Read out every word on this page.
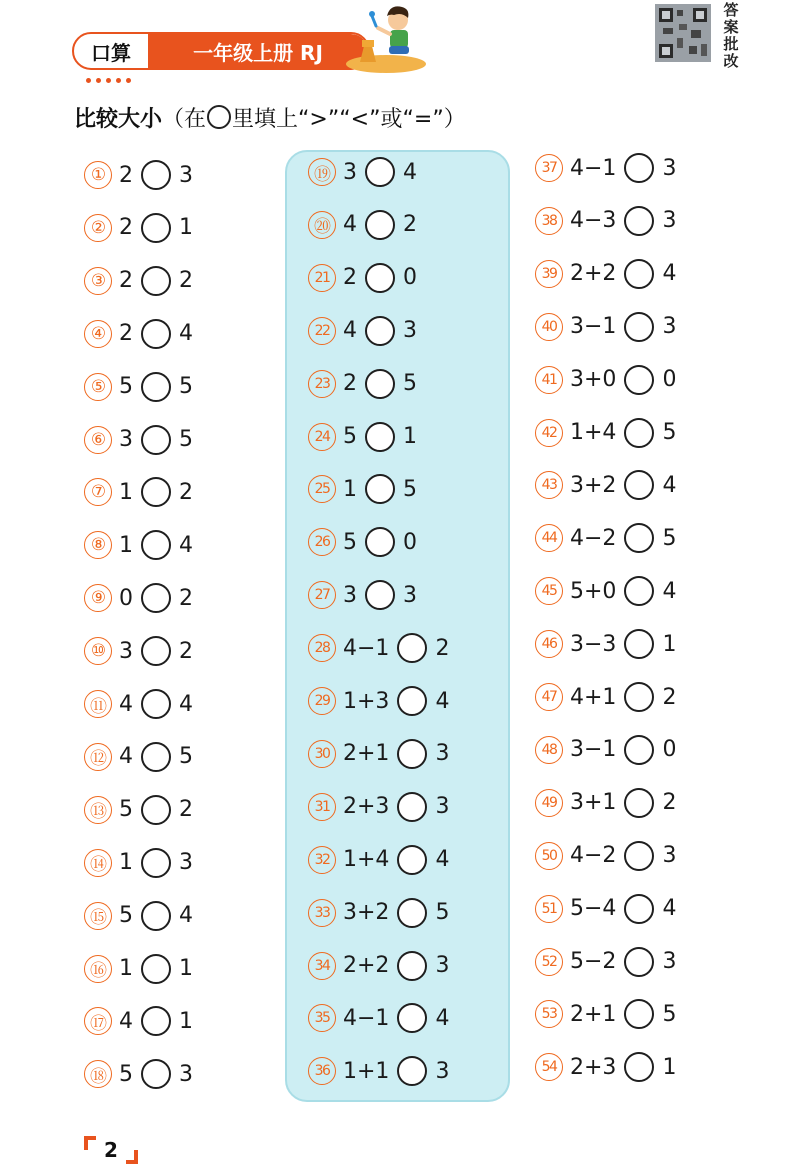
口算	一年级上册 RJ
答案批改
比较大小 （在 里填上“>”“<”或“=”）
① 2 3
② 2 1
③ 2 2
④ 2 4
⑤ 5 5
⑥ 3 5
⑦ 1 2
⑧ 1 4
⑨ 0 2
⑩ 3 2
⑪ 4 4
⑫ 4 5
⑬ 5 2
⑭ 1 3
⑮ 5 4
⑯ 1 1
⑰ 4 1
⑱ 5 3
⑲ 3 4
⑳ 4 2
21 2 0
22 4 3
23 2 5
24 5 1
25 1 5
26 5 0
27 3 3
28 4−1 2
29 1+3 4
30 2+1 3
31 2+3 3
32 1+4 4
33 3+2 5
34 2+2 3
35 4−1 4
36 1+1 3
37 4−1 3
38 4−3 3
39 2+2 4
40 3−1 3
41 3+0 0
42 1+4 5
43 3+2 4
44 4−2 5
45 5+0 4
46 3−3 1
47 4+1 2
48 3−1 0
49 3+1 2
50 4−2 3
51 5−4 4
52 5−2 3
53 2+1 5
54 2+3 1
2
